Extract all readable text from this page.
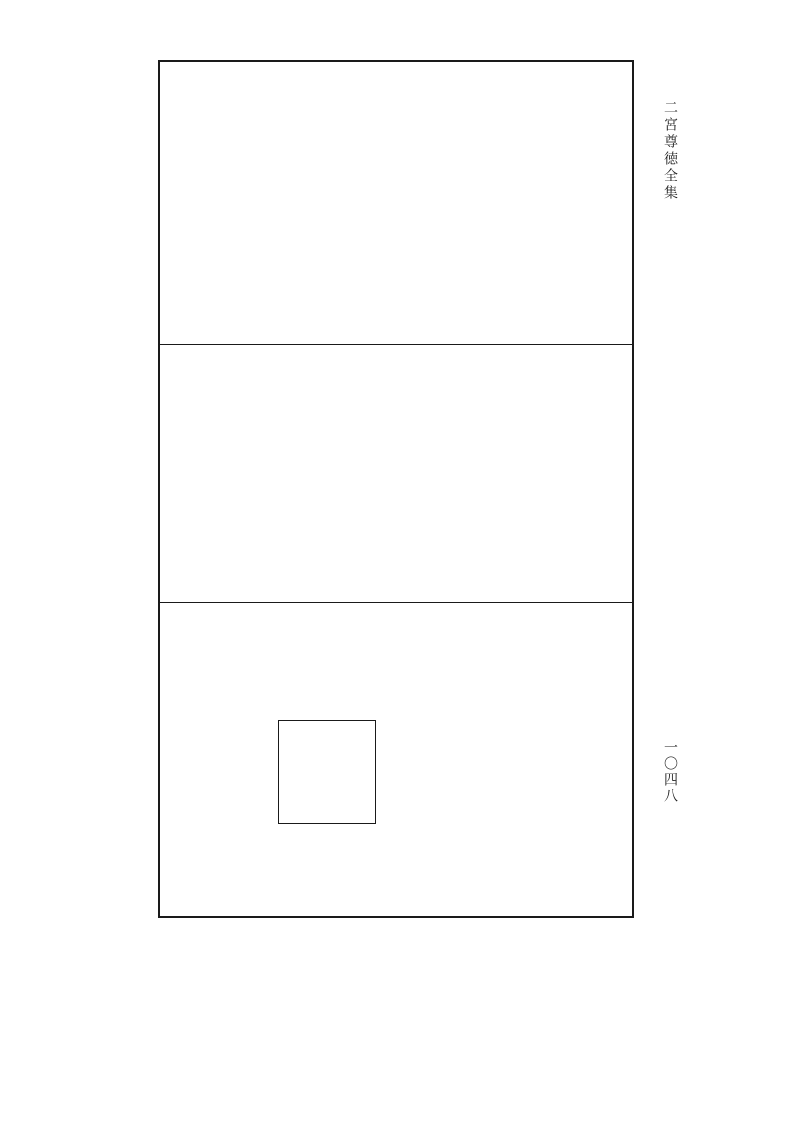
二宮尊徳全集
一〇四八
